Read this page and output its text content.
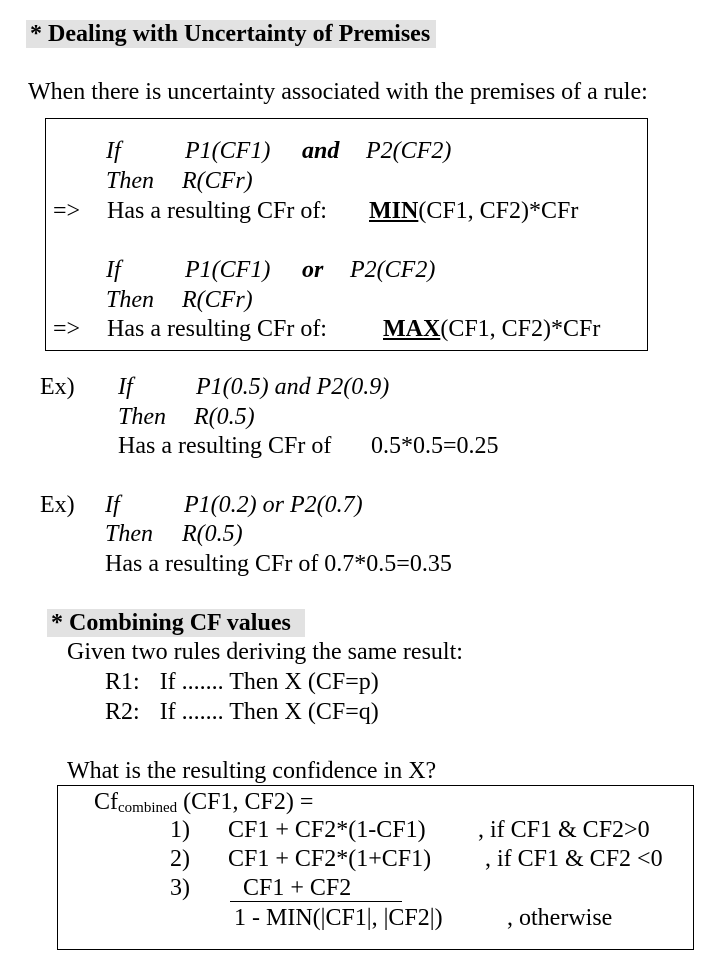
* Dealing with Uncertainty of Premises
When there is uncertainty associated with the premises of a rule:
If	P1(CF1) and P2(CF2)
Then R(CFr)
=> Has a resulting CFr of: MIN(CF1, CF2)*CFr
If	P1(CF1) or P2(CF2)
Then R(CFr)
=> Has a resulting CFr of: MAX(CF1, CF2)*CFr
Ex) If	P1(0.5) and P2(0.9)
Then R(0.5)
Has a resulting CFr of 0.5*0.5=0.25
Ex) If	P1(0.2) or P2(0.7)
Then R(0.5)
Has a resulting CFr of 0.7*0.5=0.35
* Combining CF values
Given two rules deriving the same result:
R1: If ....... Then X (CF=p)
R2: If ....... Then X (CF=q)
What is the resulting confidence in X?
$Cf_{combined}$ (CF1, CF2) =
1) CF1 + CF2*(1-CF1) , if CF1 & CF2>0
2) CF1 + CF2*(1+CF1) , if CF1 & CF2 <0
3) CF1 + CF2
1 - MIN(|CF1|, |CF2|)	, otherwise
